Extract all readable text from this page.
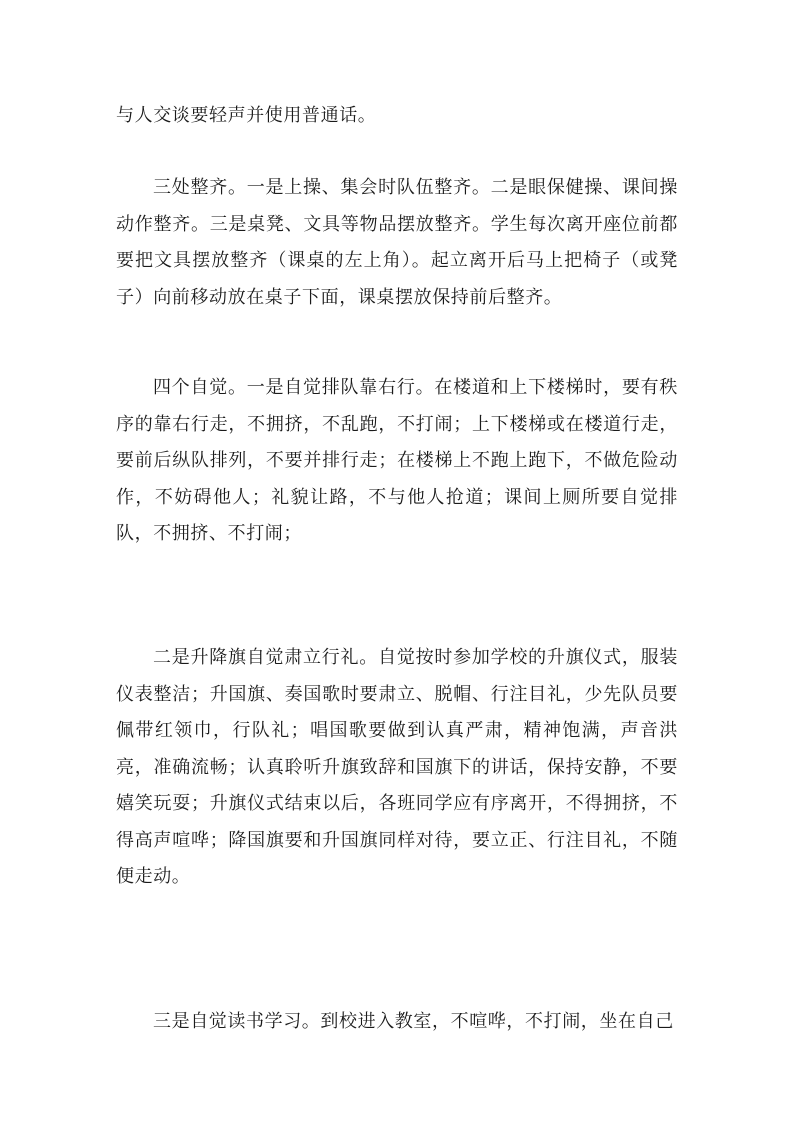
与人交谈要轻声并使用普通话。

三处整齐。一是上操、集会时队伍整齐。二是眼保健操、课间操动作整齐。三是桌凳、文具等物品摆放整齐。学生每次离开座位前都要把文具摆放整齐（课桌的左上角）。起立离开后马上把椅子（或凳子）向前移动放在桌子下面，课桌摆放保持前后整齐。

四个自觉。一是自觉排队靠右行。在楼道和上下楼梯时，要有秩序的靠右行走，不拥挤，不乱跑，不打闹；上下楼梯或在楼道行走，要前后纵队排列，不要并排行走；在楼梯上不跑上跑下，不做危险动作，不妨碍他人；礼貌让路，不与他人抢道；课间上厕所要自觉排队，不拥挤、不打闹；

二是升降旗自觉肃立行礼。自觉按时参加学校的升旗仪式，服装仪表整洁；升国旗、奏国歌时要肃立、脱帽、行注目礼，少先队员要佩带红领巾，行队礼；唱国歌要做到认真严肃，精神饱满，声音洪亮，准确流畅；认真聆听升旗致辞和国旗下的讲话，保持安静，不要嬉笑玩耍；升旗仪式结束以后，各班同学应有序离开，不得拥挤，不得高声喧哗；降国旗要和升国旗同样对待，要立正、行注目礼，不随便走动。

三是自觉读书学习。到校进入教室，不喧哗，不打闹，坐在自己
